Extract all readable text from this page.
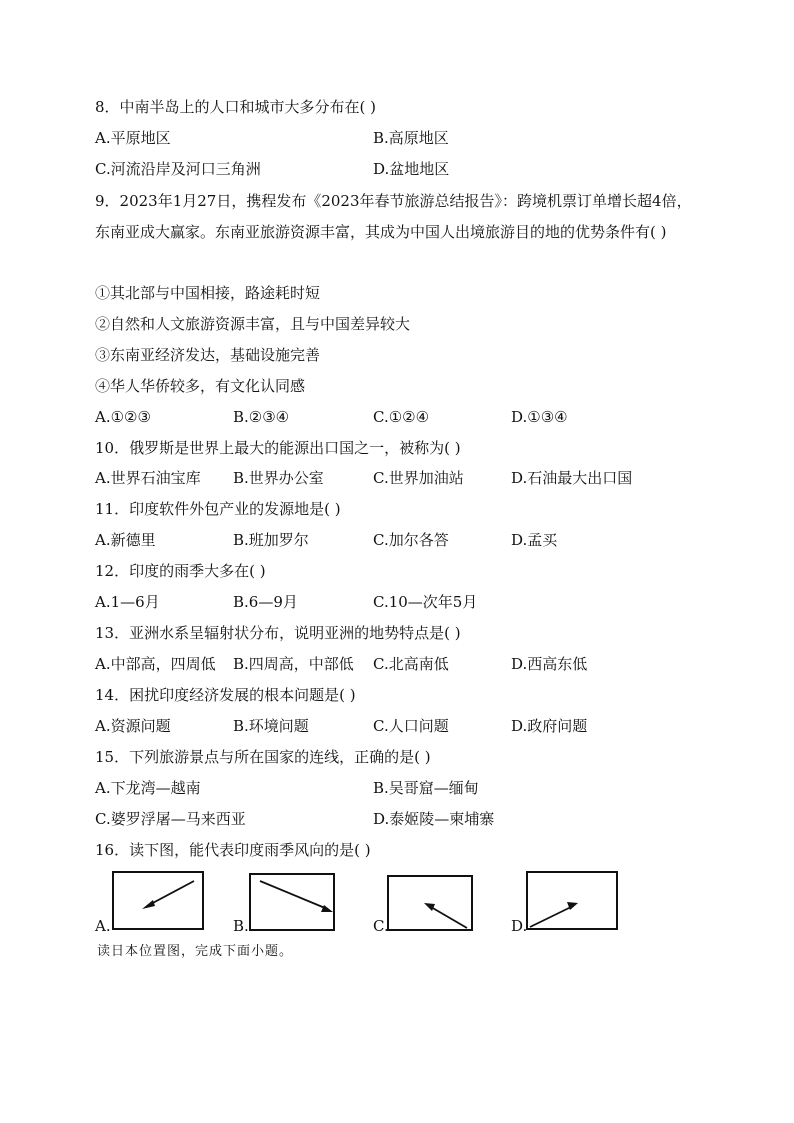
8．中南半岛上的人口和城市大多分布在( )
A.平原地区	B.高原地区
C.河流沿岸及河口三角洲	D.盆地地区
9．2023年1月27日，携程发布《2023年春节旅游总结报告》：跨境机票订单增长超4倍，东南亚成大赢家。东南亚旅游资源丰富，其成为中国人出境旅游目的地的优势条件有( )
①其北部与中国相接，路途耗时短
②自然和人文旅游资源丰富，且与中国差异较大
③东南亚经济发达，基础设施完善
④华人华侨较多，有文化认同感
A.①②③	B.②③④	C.①②④	D.①③④
10．俄罗斯是世界上最大的能源出口国之一，被称为( )
A.世界石油宝库 B.世界办公室	C.世界加油站	D.石油最大出口国
11．印度软件外包产业的发源地是( )
A.新德里	B.班加罗尔	C.加尔各答	D.孟买
12．印度的雨季大多在( )
A.1—6月	B.6—9月	C.10—次年5月
13．亚洲水系呈辐射状分布，说明亚洲的地势特点是( )
A.中部高，四周低 B.四周高，中部低 C.北高南低	D.西高东低
14．困扰印度经济发展的根本问题是( )
A.资源问题	B.环境问题	C.人口问题	D.政府问题
15．下列旅游景点与所在国家的连线，正确的是( )
A.下龙湾—越南	B.吴哥窟—缅甸
C.婆罗浮屠—马来西亚	D.泰姬陵—柬埔寨
16．读下图，能代表印度雨季风向的是( )
A.	B.	C.	D.
读日本位置图，完成下面小题。
